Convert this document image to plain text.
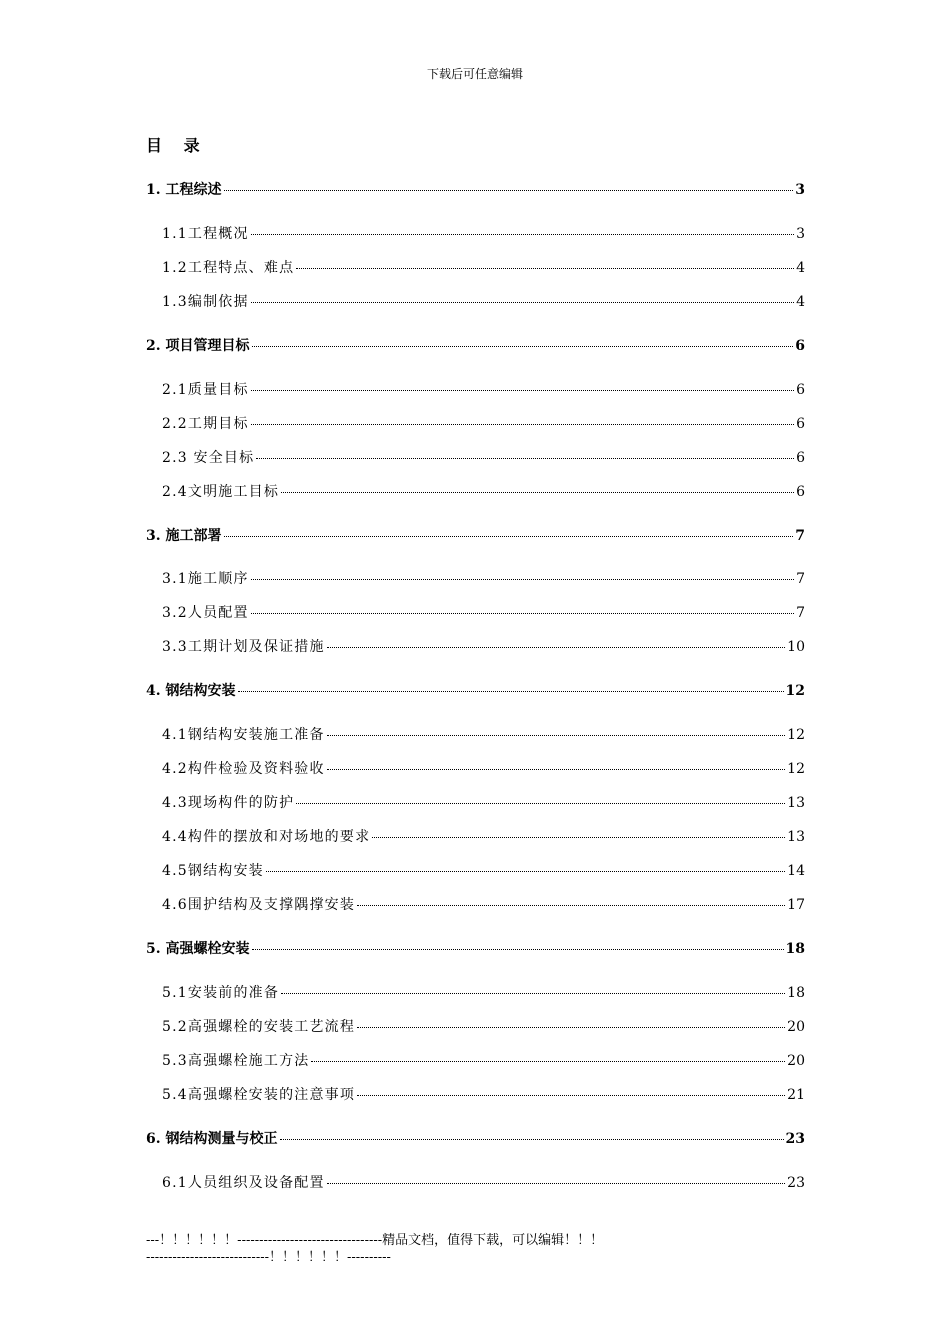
下载后可任意编辑
目 录
1. 工程综述	3
1.1工程概况	3
1.2工程特点、难点	4
1.3编制依据	4
2. 项目管理目标	6
2.1质量目标	6
2.2工期目标	6
2.3 安全目标	6
2.4文明施工目标	6
3. 施工部署	7
3.1施工顺序	7
3.2人员配置	7
3.3工期计划及保证措施	10
4. 钢结构安装	12
4.1钢结构安装施工准备	12
4.2构件检验及资料验收	12
4.3现场构件的防护	13
4.4构件的摆放和对场地的要求	13
4.5钢结构安装	14
4.6围护结构及支撑隅撑安装	17
5. 高强螺栓安装	18
5.1安装前的准备	18
5.2高强螺栓的安装工艺流程	20
5.3高强螺栓施工方法	20
5.4高强螺栓安装的注意事项	21
6. 钢结构测量与校正	23
6.1人员组织及设备配置	23
---！！！！！！---------------------------------精品文档，值得下载，可以编辑！！！----------------------------！！！！！！----------
